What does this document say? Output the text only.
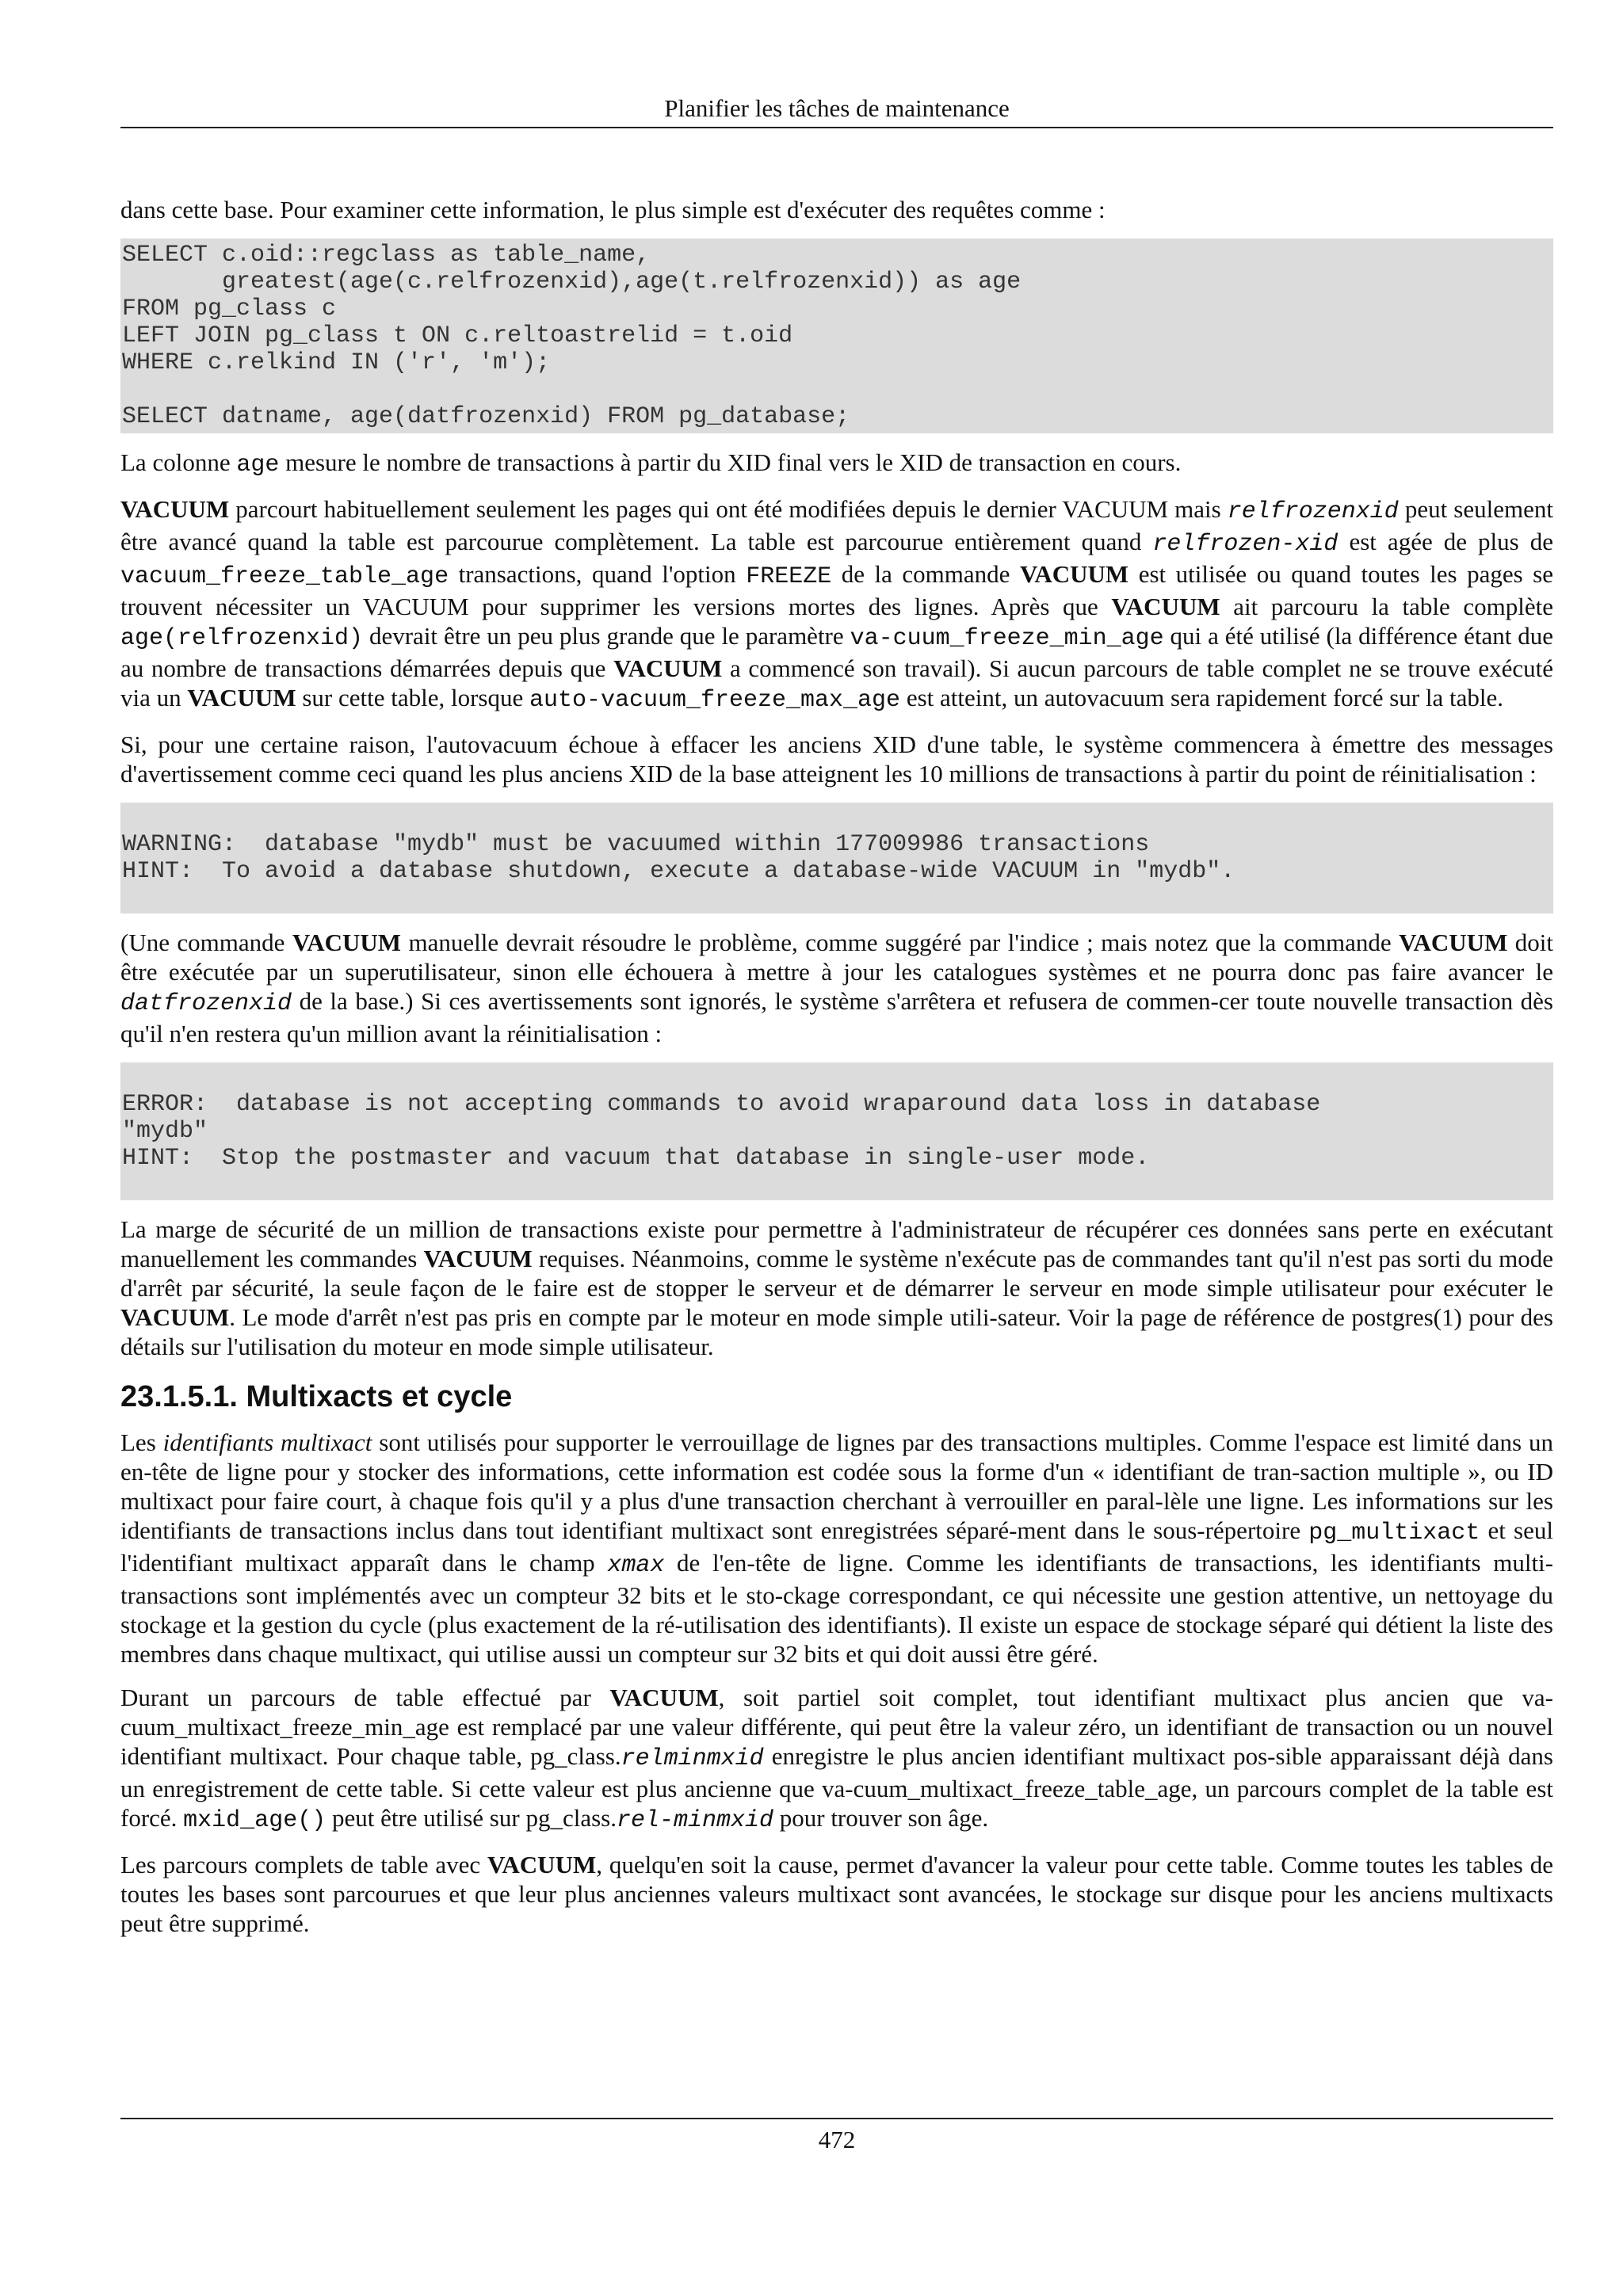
Planifier les tâches de maintenance

dans cette base. Pour examiner cette information, le plus simple est d'exécuter des requêtes comme :

SELECT c.oid::regclass as table_name,
greatest(age(c.relfrozenxid),age(t.relfrozenxid)) as age
FROM pg_class c
LEFT JOIN pg_class t ON c.reltoastrelid = t.oid
WHERE c.relkind IN ('r', 'm');

SELECT datname, age(datfrozenxid) FROM pg_database;

La colonne age mesure le nombre de transactions à partir du XID final vers le XID de transaction en cours.

VACUUM parcourt habituellement seulement les pages qui ont été modifiées depuis le dernier VACUUM mais relfrozenxid peut seulement être avancé quand la table est parcourue complètement. La table est parcourue entièrement quand relfrozen-xid est agée de plus de vacuum_freeze_table_age transactions, quand l'option FREEZE de la commande VACUUM est utilisée ou quand toutes les pages se trouvent nécessiter un VACUUM pour supprimer les versions mortes des lignes. Après que VACUUM ait parcouru la table complète age(relfrozenxid) devrait être un peu plus grande que le paramètre va-cuum_freeze_min_age qui a été utilisé (la différence étant due au nombre de transactions démarrées depuis que VACUUM a commencé son travail). Si aucun parcours de table complet ne se trouve exécuté via un VACUUM sur cette table, lorsque auto-vacuum_freeze_max_age est atteint, un autovacuum sera rapidement forcé sur la table.

Si, pour une certaine raison, l'autovacuum échoue à effacer les anciens XID d'une table, le système commencera à émettre des messages d'avertissement comme ceci quand les plus anciens XID de la base atteignent les 10 millions de transactions à partir du point de réinitialisation :

WARNING:  database "mydb" must be vacuumed within 177009986 transactions
HINT:  To avoid a database shutdown, execute a database-wide VACUUM in "mydb".

(Une commande VACUUM manuelle devrait résoudre le problème, comme suggéré par l'indice ; mais notez que la commande VACUUM doit être exécutée par un superutilisateur, sinon elle échouera à mettre à jour les catalogues systèmes et ne pourra donc pas faire avancer le datfrozenxid de la base.) Si ces avertissements sont ignorés, le système s'arrêtera et refusera de commen-cer toute nouvelle transaction dès qu'il n'en restera qu'un million avant la réinitialisation :

ERROR:  database is not accepting commands to avoid wraparound data loss in database
"mydb"
HINT:  Stop the postmaster and vacuum that database in single-user mode.

La marge de sécurité de un million de transactions existe pour permettre à l'administrateur de récupérer ces données sans perte en exécutant manuellement les commandes VACUUM requises. Néanmoins, comme le système n'exécute pas de commandes tant qu'il n'est pas sorti du mode d'arrêt par sécurité, la seule façon de le faire est de stopper le serveur et de démarrer le serveur en mode simple utilisateur pour exécuter le VACUUM. Le mode d'arrêt n'est pas pris en compte par le moteur en mode simple utili-sateur. Voir la page de référence de postgres(1) pour des détails sur l'utilisation du moteur en mode simple utilisateur.

23.1.5.1. Multixacts et cycle

Les identifiants multixact sont utilisés pour supporter le verrouillage de lignes par des transactions multiples. Comme l'espace est limité dans un en-tête de ligne pour y stocker des informations, cette information est codée sous la forme d'un « identifiant de tran-saction multiple », ou ID multixact pour faire court, à chaque fois qu'il y a plus d'une transaction cherchant à verrouiller en paral-lèle une ligne. Les informations sur les identifiants de transactions inclus dans tout identifiant multixact sont enregistrées séparé-ment dans le sous-répertoire pg_multixact et seul l'identifiant multixact apparaît dans le champ xmax de l'en-tête de ligne. Comme les identifiants de transactions, les identifiants multi-transactions sont implémentés avec un compteur 32 bits et le sto-ckage correspondant, ce qui nécessite une gestion attentive, un nettoyage du stockage et la gestion du cycle (plus exactement de la ré-utilisation des identifiants). Il existe un espace de stockage séparé qui détient la liste des membres dans chaque multixact, qui utilise aussi un compteur sur 32 bits et qui doit aussi être géré.

Durant un parcours de table effectué par VACUUM, soit partiel soit complet, tout identifiant multixact plus ancien que va-cuum_multixact_freeze_min_age est remplacé par une valeur différente, qui peut être la valeur zéro, un identifiant de transaction ou un nouvel identifiant multixact. Pour chaque table, pg_class.relminmxid enregistre le plus ancien identifiant multixact pos-sible apparaissant déjà dans un enregistrement de cette table. Si cette valeur est plus ancienne que va-cuum_multixact_freeze_table_age, un parcours complet de la table est forcé. mxid_age() peut être utilisé sur pg_class.rel-minmxid pour trouver son âge.

Les parcours complets de table avec VACUUM, quelqu'en soit la cause, permet d'avancer la valeur pour cette table. Comme toutes les tables de toutes les bases sont parcourues et que leur plus anciennes valeurs multixact sont avancées, le stockage sur disque pour les anciens multixacts peut être supprimé.

472
